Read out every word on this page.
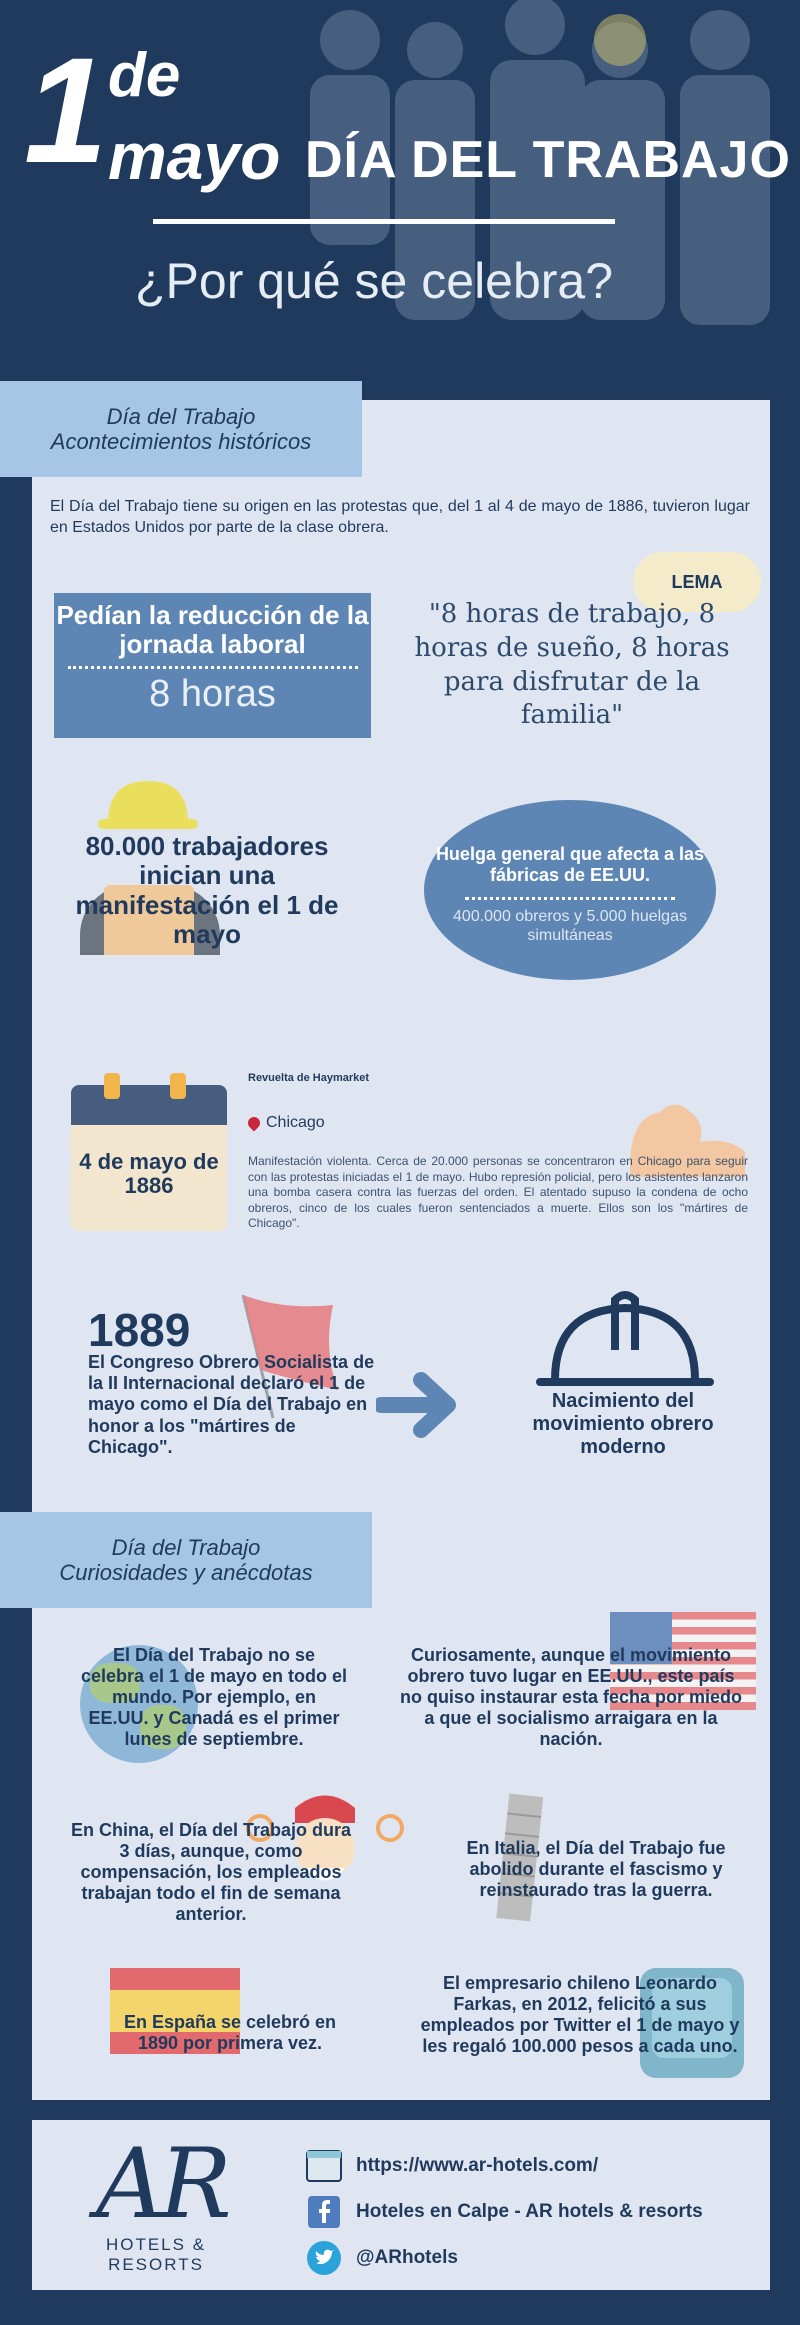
1 de
mayo DÍA DEL TRABAJO
¿Por qué se celebra?
Día del Trabajo
Acontecimientos históricos
El Día del Trabajo tiene su origen en las protestas que, del 1 al 4 de mayo de 1886, tuvieron lugar en Estados Unidos por parte de la clase obrera.
Pedían la reducción de la jornada laboral
8 horas
LEMA
"8 horas de trabajo, 8 horas de sueño, 8 horas para disfrutar de la familia"
80.000 trabajadores inician una manifestación el 1 de mayo
Huelga general que afecta a las fábricas de EE.UU.
400.000 obreros y 5.000 huelgas simultáneas
4 de mayo de 1886
Revuelta de Haymarket
Chicago
Manifestación violenta. Cerca de 20.000 personas se concentraron en Chicago para seguir con las protestas iniciadas el 1 de mayo. Hubo represión policial, pero los asistentes lanzaron una bomba casera contra las fuerzas del orden. El atentado supuso la condena de ocho obreros, cinco de los cuales fueron sentenciados a muerte. Ellos son los "mártires de Chicago".
1889
El Congreso Obrero Socialista de la II Internacional declaró el 1 de mayo como el Día del Trabajo en honor a los "mártires de Chicago".
Nacimiento del movimiento obrero moderno
Día del Trabajo
Curiosidades y anécdotas
El Día del Trabajo no se celebra el 1 de mayo en todo el mundo. Por ejemplo, en EE.UU. y Canadá es el primer lunes de septiembre.
Curiosamente, aunque el movimiento obrero tuvo lugar en EE.UU., este país no quiso instaurar esta fecha por miedo a que el socialismo arraigara en la nación.
En China, el Día del Trabajo dura 3 días, aunque, como compensación, los empleados trabajan todo el fin de semana anterior.
En Italia, el Día del Trabajo fue abolido durante el fascismo y reinstaurado tras la guerra.
En España se celebró en 1890 por primera vez.
El empresario chileno Leonardo Farkas, en 2012, felicitó a sus empleados por Twitter el 1 de mayo y les regaló 100.000 pesos a cada uno.
AR
HOTELS &
RESORTS
https://www.ar-hotels.com/
Hoteles en Calpe - AR hotels & resorts
@ARhotels
